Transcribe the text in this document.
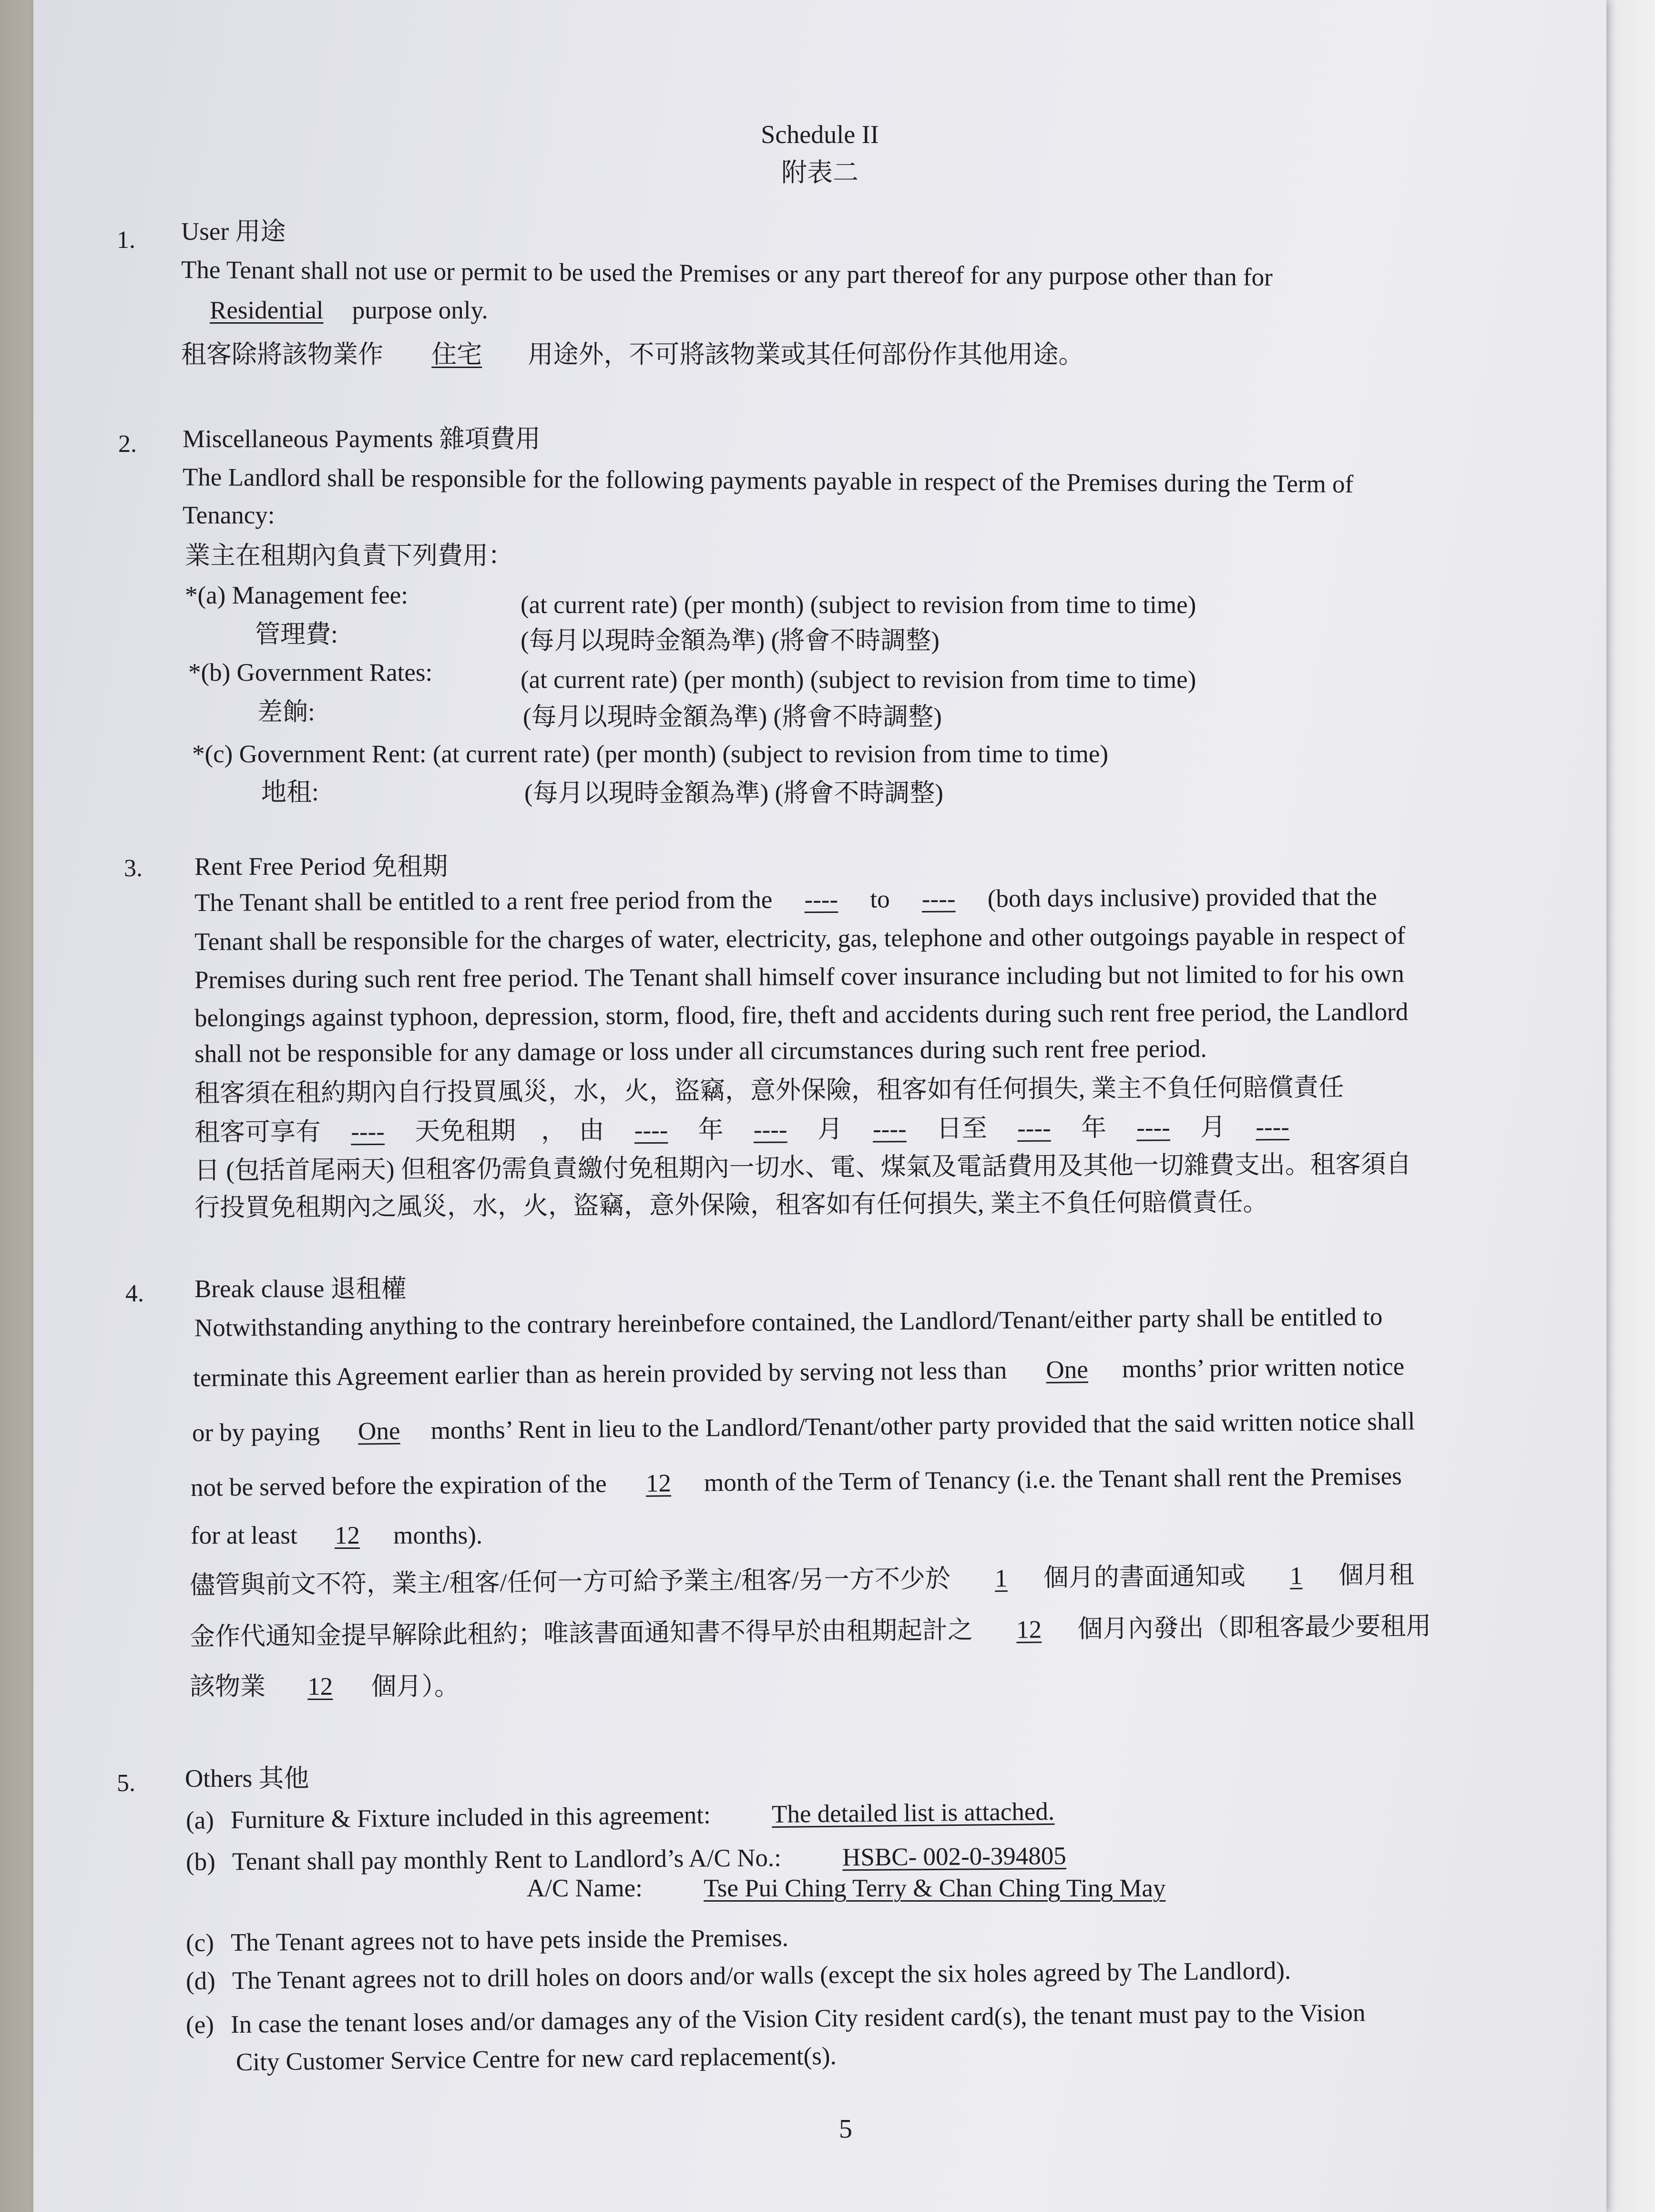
Schedule II
附表二
1. User 用途
The Tenant shall not use or permit to be used the Premises or any part thereof for any purpose other than for
Residential purpose only.
租客除將該物業作 住宅 用途外，不可將該物業或其任何部份作其他用途。
2. Miscellaneous Payments 雜項費用
The Landlord shall be responsible for the following payments payable in respect of the Premises during the Term of
Tenancy:
業主在租期內負責下列費用：
*(a) Management fee:	(at current rate) (per month) (subject to revision from time to time)
管理費:	(每月以現時金額為準) (將會不時調整)
*(b) Government Rates:	(at current rate) (per month) (subject to revision from time to time)
差餉:	(每月以現時金額為準) (將會不時調整)
*(c) Government Rent: (at current rate) (per month) (subject to revision from time to time)
地租:	(每月以現時金額為準) (將會不時調整)
3. Rent Free Period 免租期
The Tenant shall be entitled to a rent free period from the ---- to ---- (both days inclusive) provided that the
Tenant shall be responsible for the charges of water, electricity, gas, telephone and other outgoings payable in respect of
Premises during such rent free period. The Tenant shall himself cover insurance including but not limited to for his own
belongings against typhoon, depression, storm, flood, fire, theft and accidents during such rent free period, the Landlord
shall not be responsible for any damage or loss under all circumstances during such rent free period.
租客須在租約期內自行投買風災，水，火，盜竊，意外保險，租客如有任何損失, 業主不負任何賠償責任
租客可享有 ---- 天免租期　，　由 ---- 年 ---- 月 ---- 日至 ---- 年 ---- 月 ----
日 (包括首尾兩天) 但租客仍需負責繳付免租期內一切水、電、煤氣及電話費用及其他一切雜費支出。租客須自
行投買免租期內之風災，水，火，盜竊，意外保險，租客如有任何損失, 業主不負任何賠償責任。
4. Break clause 退租權
Notwithstanding anything to the contrary hereinbefore contained, the Landlord/Tenant/either party shall be entitled to
terminate this Agreement earlier than as herein provided by serving not less than One months’ prior written notice
or by paying One months’ Rent in lieu to the Landlord/Tenant/other party provided that the said written notice shall
not be served before the expiration of the 12 month of the Term of Tenancy (i.e. the Tenant shall rent the Premises
for at least 12 months).
儘管與前文不符，業主/租客/任何一方可給予業主/租客/另一方不少於 1 個月的書面通知或 1 個月租
金作代通知金提早解除此租約；唯該書面通知書不得早於由租期起計之 12 個月內發出（即租客最少要租用
該物業 12 個月）。
5. Others 其他
(a) Furniture & Fixture included in this agreement: The detailed list is attached.
(b) Tenant shall pay monthly Rent to Landlord’s A/C No.: HSBC- 002-0-394805
A/C Name: Tse Pui Ching Terry & Chan Ching Ting May
(c) The Tenant agrees not to have pets inside the Premises.
(d) The Tenant agrees not to drill holes on doors and/or walls (except the six holes agreed by The Landlord).
(e) In case the tenant loses and/or damages any of the Vision City resident card(s), the tenant must pay to the Vision
City Customer Service Centre for new card replacement(s).
5
